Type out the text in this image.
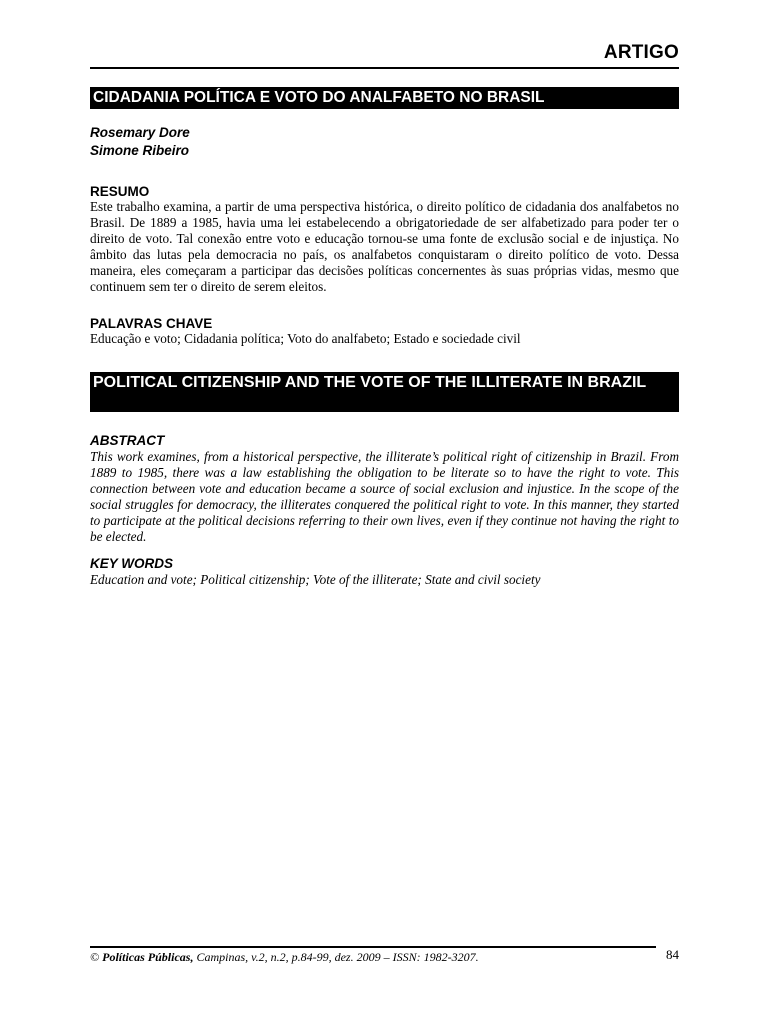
ARTIGO
CIDADANIA POLÍTICA E VOTO DO ANALFABETO NO BRASIL
Rosemary Dore
Simone Ribeiro
RESUMO
Este trabalho examina, a partir de uma perspectiva histórica, o direito político de cidadania dos analfabetos no Brasil. De 1889 a 1985, havia uma lei estabelecendo a obrigatoriedade de ser alfabetizado para poder ter o direito de voto. Tal conexão entre voto e educação tornou-se uma fonte de exclusão social e de injustiça. No âmbito das lutas pela democracia no país, os analfabetos conquistaram o direito político de voto. Dessa maneira, eles começaram a participar das decisões políticas concernentes às suas próprias vidas, mesmo que continuem sem ter o direito de serem eleitos.
PALAVRAS CHAVE
Educação e voto; Cidadania política; Voto do analfabeto; Estado e sociedade civil
POLITICAL CITIZENSHIP AND THE VOTE OF THE ILLITERATE IN BRAZIL
ABSTRACT
This work examines, from a historical perspective, the illiterate’s political right of citizenship in Brazil. From 1889 to 1985, there was a law establishing the obligation to be literate so to have the right to vote. This connection between vote and education became a source of social exclusion and injustice. In the scope of the social struggles for democracy, the illiterates conquered the political right to vote. In this manner, they started to participate at the political decisions referring to their own lives, even if they continue not having the right to be elected.
KEY WORDS
Education and vote; Political citizenship; Vote of the illiterate; State and civil society
© Políticas Públicas, Campinas, v.2, n.2, p.84-99, dez. 2009 – ISSN: 1982-3207.	84
